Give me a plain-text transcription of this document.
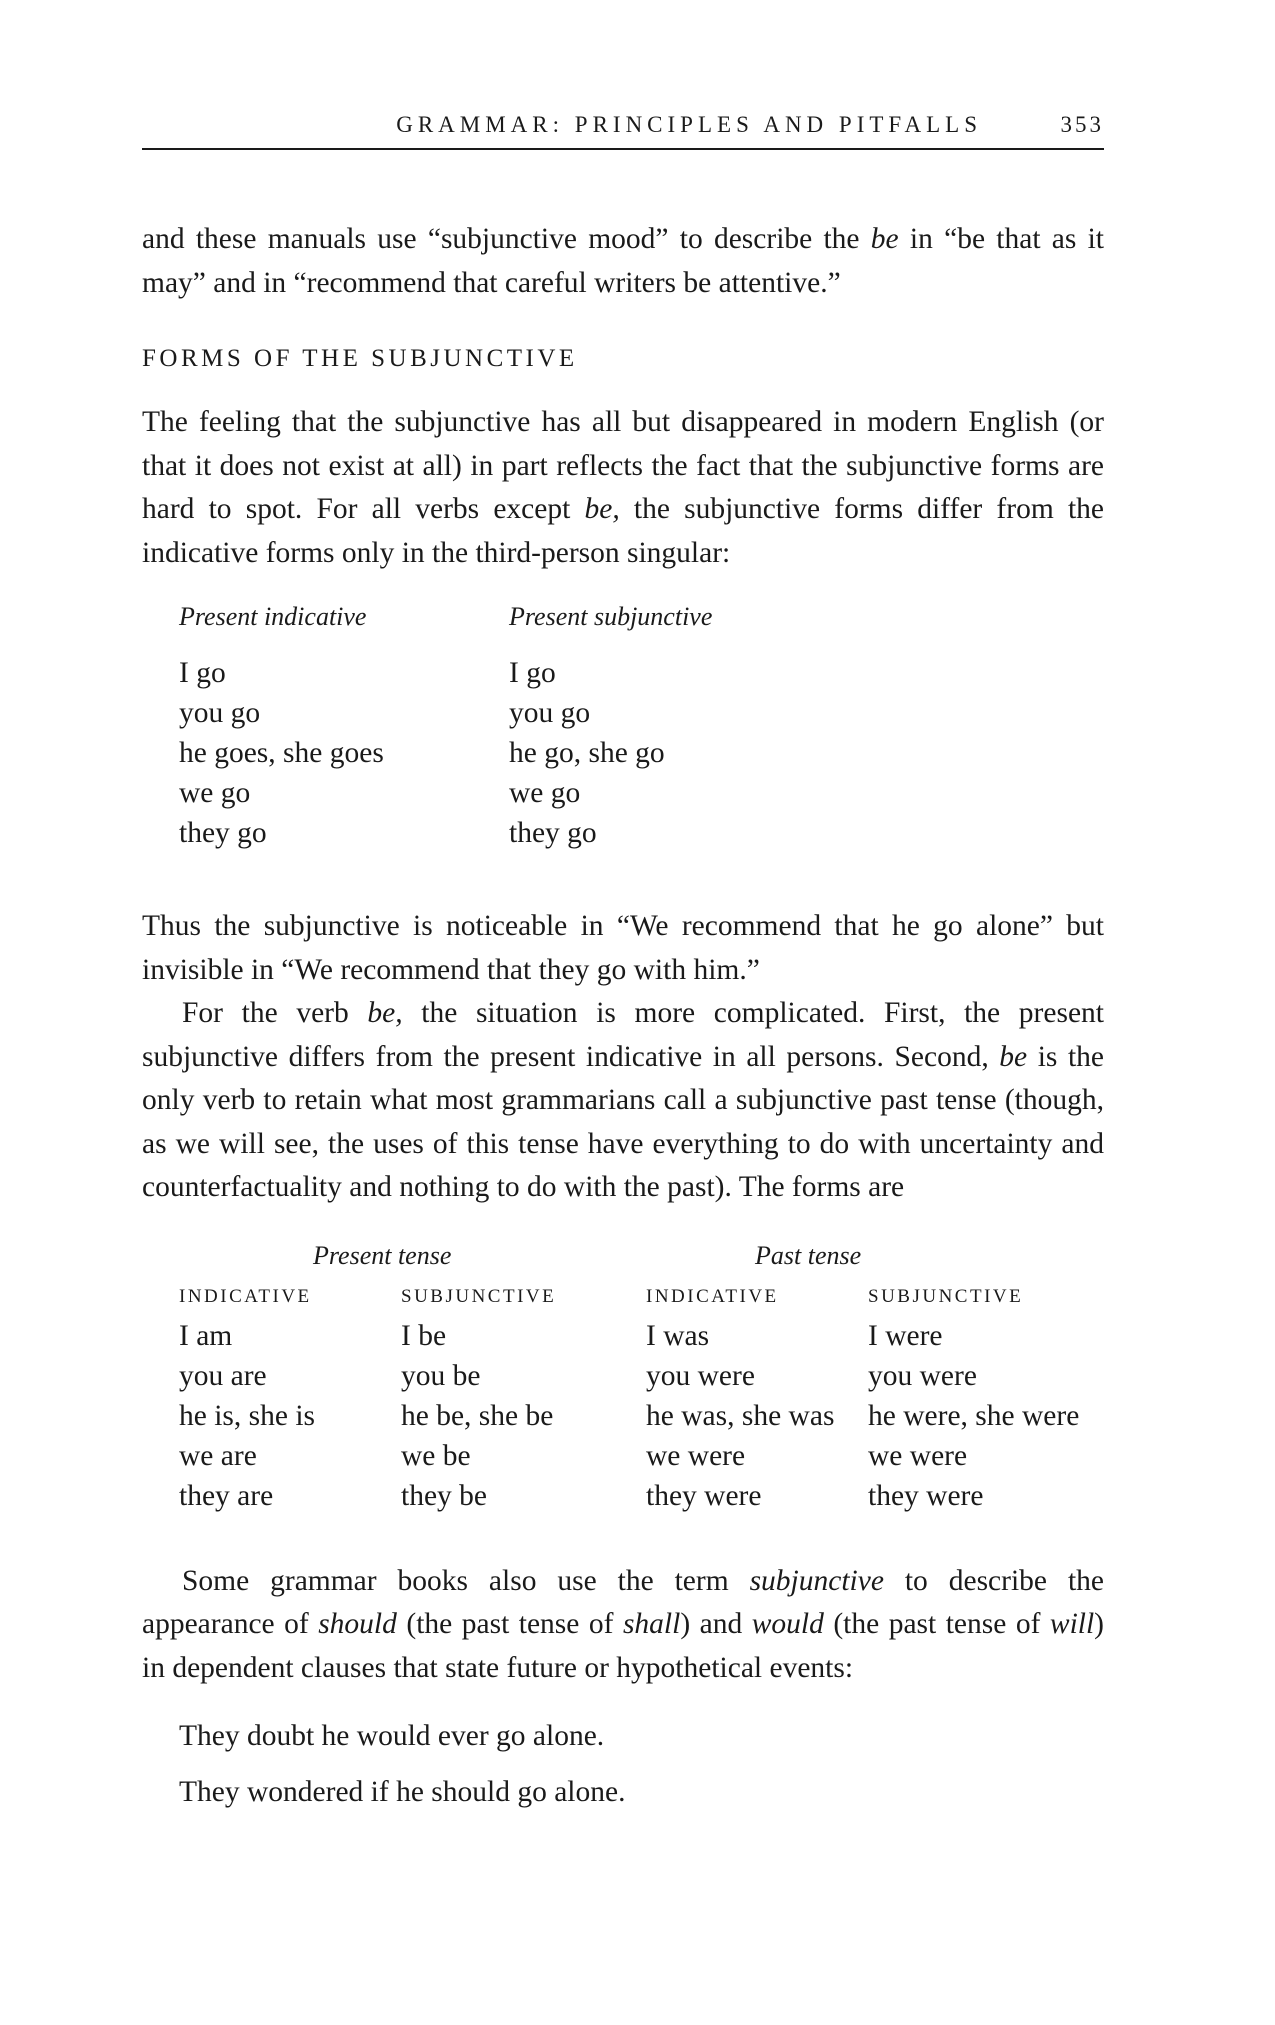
GRAMMAR: PRINCIPLES AND PITFALLS	353

and these manuals use “subjunctive mood” to describe the be in “be that as it may” and in “recommend that careful writers be attentive.”

FORMS OF THE SUBJUNCTIVE

The feeling that the subjunctive has all but disappeared in modern English (or that it does not exist at all) in part reflects the fact that the subjunctive forms are hard to spot. For all verbs except be, the subjunctive forms differ from the indicative forms only in the third-person singular:

Present indicative
I go
you go
he goes, she goes
we go
they go
Present subjunctive
I go
you go
he go, she go
we go
they go

Thus the subjunctive is noticeable in “We recommend that he go alone” but invisible in “We recommend that they go with him.”

For the verb be, the situation is more complicated. First, the present subjunctive differs from the present indicative in all persons. Second, be is the only verb to retain what most grammarians call a subjunctive past tense (though, as we will see, the uses of this tense have everything to do with uncertainty and counterfactuality and nothing to do with the past). The forms are

Present tense	Past tense
INDICATIVE
I am
you are
he is, she is
we are
they are
SUBJUNCTIVE
I be
you be
he be, she be
we be
they be
INDICATIVE
I was
you were
he was, she was
we were
they were
SUBJUNCTIVE
I were
you were
he were, she were
we were
they were

Some grammar books also use the term subjunctive to describe the appearance of should (the past tense of shall) and would (the past tense of will) in dependent clauses that state future or hypothetical events:

They doubt he would ever go alone.
They wondered if he should go alone.
